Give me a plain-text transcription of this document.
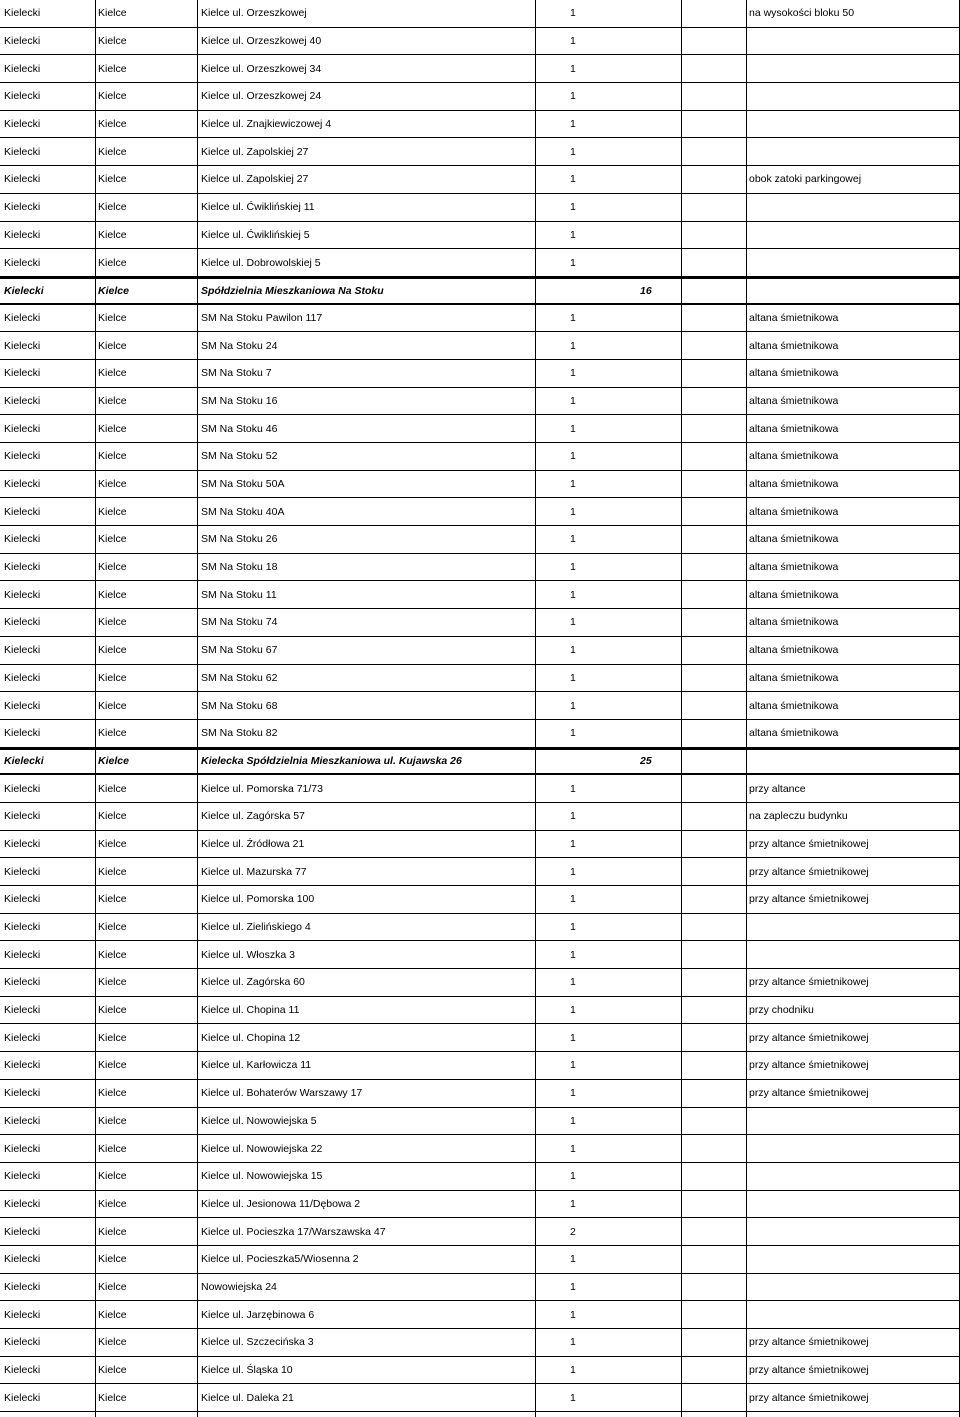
Kielecki	Kielce	Kielce ul. Orzeszkowej	1	na wysokości bloku 50
Kielecki	Kielce	Kielce ul. Orzeszkowej 40	1
Kielecki	Kielce	Kielce ul. Orzeszkowej 34	1
Kielecki	Kielce	Kielce ul. Orzeszkowej 24	1
Kielecki	Kielce	Kielce ul. Znajkiewiczowej 4	1
Kielecki	Kielce	Kielce ul. Zapolskiej 27	1
Kielecki	Kielce	Kielce ul. Zapolskiej 27	1	obok zatoki parkingowej
Kielecki	Kielce	Kielce ul. Ćwiklińskiej 11	1
Kielecki	Kielce	Kielce ul. Ćwiklińskiej 5	1
Kielecki	Kielce	Kielce ul. Dobrowolskiej 5	1
Kielecki	Kielce	Spółdzielnia Mieszkaniowa Na Stoku	16
Kielecki	Kielce	SM Na Stoku Pawilon 117	1	altana śmietnikowa
Kielecki	Kielce	SM Na Stoku 24	1	altana śmietnikowa
Kielecki	Kielce	SM Na Stoku 7	1	altana śmietnikowa
Kielecki	Kielce	SM Na Stoku 16	1	altana śmietnikowa
Kielecki	Kielce	SM Na Stoku 46	1	altana śmietnikowa
Kielecki	Kielce	SM Na Stoku 52	1	altana śmietnikowa
Kielecki	Kielce	SM Na Stoku 50A	1	altana śmietnikowa
Kielecki	Kielce	SM Na Stoku 40A	1	altana śmietnikowa
Kielecki	Kielce	SM Na Stoku 26	1	altana śmietnikowa
Kielecki	Kielce	SM Na Stoku 18	1	altana śmietnikowa
Kielecki	Kielce	SM Na Stoku 11	1	altana śmietnikowa
Kielecki	Kielce	SM Na Stoku 74	1	altana śmietnikowa
Kielecki	Kielce	SM Na Stoku 67	1	altana śmietnikowa
Kielecki	Kielce	SM Na Stoku 62	1	altana śmietnikowa
Kielecki	Kielce	SM Na Stoku 68	1	altana śmietnikowa
Kielecki	Kielce	SM Na Stoku 82	1	altana śmietnikowa
Kielecki	Kielce	Kielecka Spółdzielnia Mieszkaniowa ul. Kujawska 26	25
Kielecki	Kielce	Kielce ul. Pomorska 71/73	1	przy altance
Kielecki	Kielce	Kielce ul. Zagórska 57	1	na zapleczu budynku
Kielecki	Kielce	Kielce ul. Źródłowa 21	1	przy altance śmietnikowej
Kielecki	Kielce	Kielce ul. Mazurska 77	1	przy altance śmietnikowej
Kielecki	Kielce	Kielce ul. Pomorska 100	1	przy altance śmietnikowej
Kielecki	Kielce	Kielce ul. Zielińskiego 4	1
Kielecki	Kielce	Kielce ul. Włoszka 3	1
Kielecki	Kielce	Kielce ul. Zagórska 60	1	przy altance śmietnikowej
Kielecki	Kielce	Kielce ul. Chopina 11	1	przy chodniku
Kielecki	Kielce	Kielce ul. Chopina 12	1	przy altance śmietnikowej
Kielecki	Kielce	Kielce ul. Karłowicza 11	1	przy altance śmietnikowej
Kielecki	Kielce	Kielce ul. Bohaterów Warszawy 17	1	przy altance śmietnikowej
Kielecki	Kielce	Kielce ul. Nowowiejska 5	1
Kielecki	Kielce	Kielce ul. Nowowiejska 22	1
Kielecki	Kielce	Kielce ul. Nowowiejska 15	1
Kielecki	Kielce	Kielce ul. Jesionowa 11/Dębowa 2	1
Kielecki	Kielce	Kielce ul. Pocieszka 17/Warszawska 47	2
Kielecki	Kielce	Kielce ul. Pocieszka5/Wiosenna 2	1
Kielecki	Kielce	Nowowiejska 24	1
Kielecki	Kielce	Kielce ul. Jarzębinowa 6	1
Kielecki	Kielce	Kielce ul. Szczecińska 3	1	przy altance śmietnikowej
Kielecki	Kielce	Kielce ul. Śląska 10	1	przy altance śmietnikowej
Kielecki	Kielce	Kielce ul. Daleka 21	1	przy altance śmietnikowej
